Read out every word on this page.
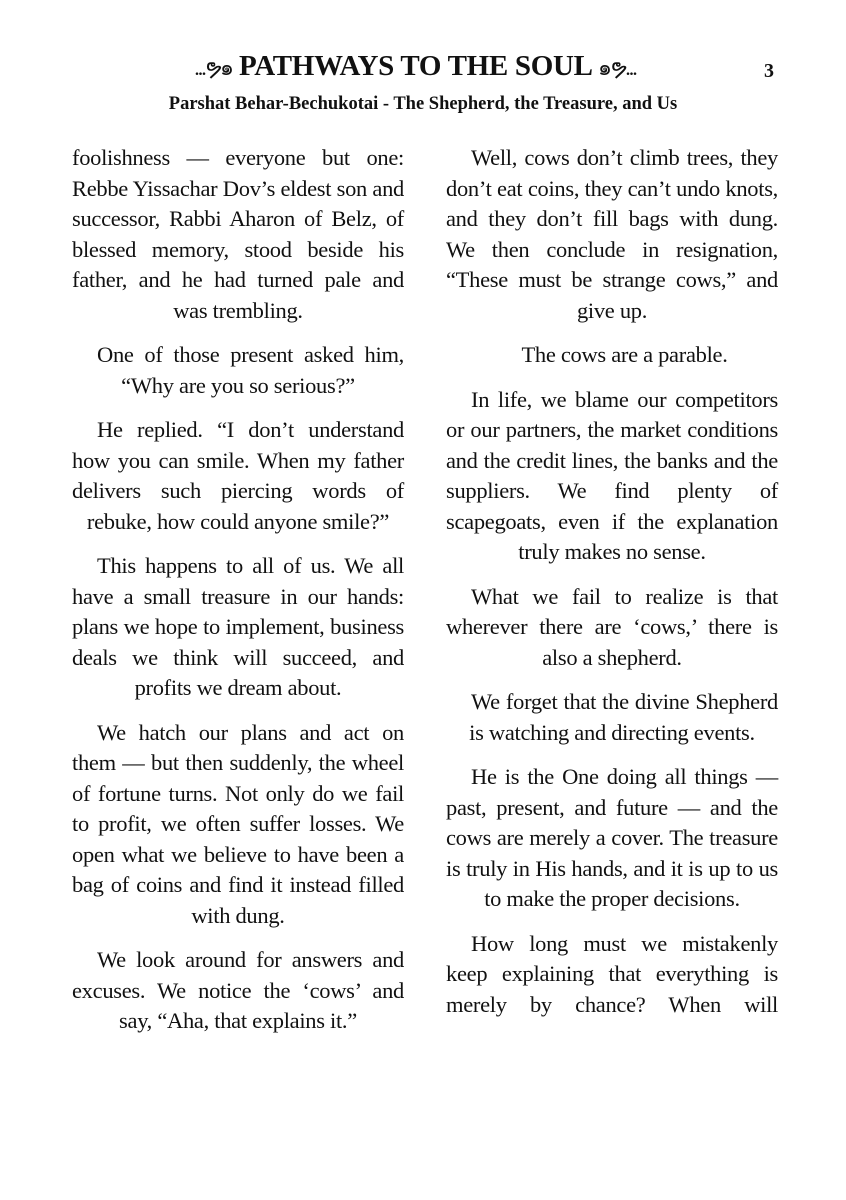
...ຯ๑ PATHWAYS TO THE SOUL ๑ຯ...	3
Parshat Behar-Bechukotai - The Shepherd, the Treasure, and Us

foolishness — everyone but one: Rebbe Yissachar Dov’s eldest son and successor, Rabbi Aharon of Belz, of blessed memory, stood beside his father, and he had turned pale and was trembling.

One of those present asked him, “Why are you so serious?”

He replied. “I don’t understand how you can smile. When my father delivers such piercing words of rebuke, how could anyone smile?”

This happens to all of us. We all have a small treasure in our hands: plans we hope to implement, business deals we think will succeed, and profits we dream about.

We hatch our plans and act on them — but then suddenly, the wheel of fortune turns. Not only do we fail to profit, we often suffer losses. We open what we believe to have been a bag of coins and find it instead filled with dung.

We look around for answers and excuses. We notice the ‘cows’ and say, “Aha, that explains it.”

Well, cows don’t climb trees, they don’t eat coins, they can’t undo knots, and they don’t fill bags with dung. We then conclude in resignation, “These must be strange cows,” and give up.

The cows are a parable.

In life, we blame our competitors or our partners, the market conditions and the credit lines, the banks and the suppliers. We find plenty of scapegoats, even if the explanation truly makes no sense.

What we fail to realize is that wherever there are ‘cows,’ there is also a shepherd.

We forget that the divine Shepherd is watching and directing events.

He is the One doing all things — past, present, and future — and the cows are merely a cover. The treasure is truly in His hands, and it is up to us to make the proper decisions.

How long must we mistakenly keep explaining that everything is merely by chance? When will
